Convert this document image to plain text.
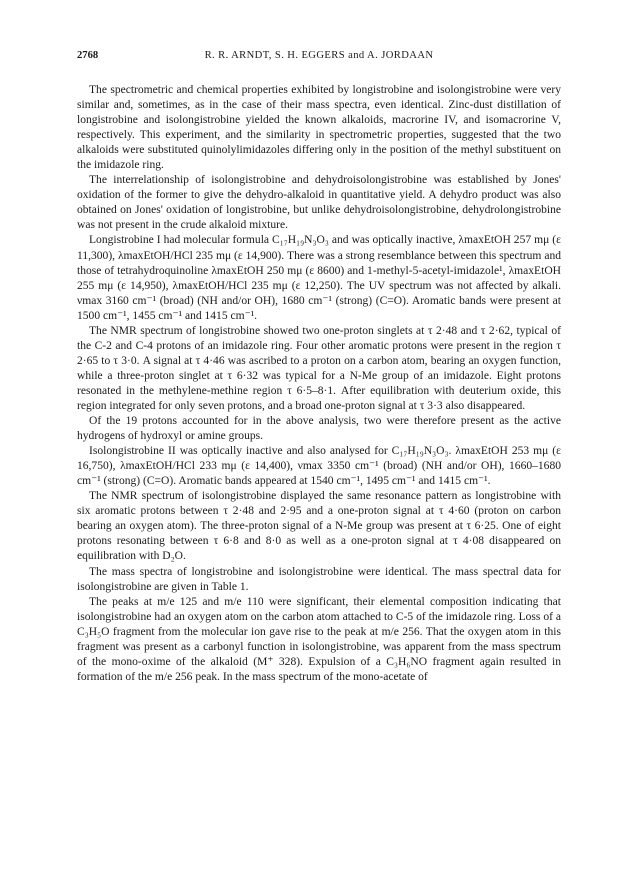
2768	R. R. ARNDT, S. H. EGGERS and A. JORDAAN

The spectrometric and chemical properties exhibited by longistrobine and isolongistrobine were very similar and, sometimes, as in the case of their mass spectra, even identical. Zinc-dust distillation of longistrobine and isolongistrobine yielded the known alkaloids, macrorine IV, and isomacrorine V, respectively. This experiment, and the similarity in spectrometric properties, suggested that the two alkaloids were substituted quinolylimidazoles differing only in the position of the methyl substituent on the imidazole ring.

The interrelationship of isolongistrobine and dehydroisolongistrobine was established by Jones' oxidation of the former to give the dehydro-alkaloid in quantitative yield. A dehydro product was also obtained on Jones' oxidation of longistrobine, but unlike dehydroisolongistrobine, dehydrolongistrobine was not present in the crude alkaloid mixture.

Longistrobine I had molecular formula C₁₇H₁₉N₃O₃ and was optically inactive, λmaxEtOH 257 mμ (ε 11,300), λmaxEtOH/HCl 235 mμ (ε 14,900). There was a strong resemblance between this spectrum and those of tetrahydroquinoline λmaxEtOH 250 mμ (ε 8600) and 1-methyl-5-acetyl-imidazole¹, λmaxEtOH 255 mμ (ε 14,950), λmaxEtOH/HCl 235 mμ (ε 12,250). The UV spectrum was not affected by alkali. νmax 3160 cm⁻¹ (broad) (NH and/or OH), 1680 cm⁻¹ (strong) (C=O). Aromatic bands were present at 1500 cm⁻¹, 1455 cm⁻¹ and 1415 cm⁻¹.

The NMR spectrum of longistrobine showed two one-proton singlets at τ 2·48 and τ 2·62, typical of the C-2 and C-4 protons of an imidazole ring. Four other aromatic protons were present in the region τ 2·65 to τ 3·0. A signal at τ 4·46 was ascribed to a proton on a carbon atom, bearing an oxygen function, while a three-proton singlet at τ 6·32 was typical for a N-Me group of an imidazole. Eight protons resonated in the methylene-methine region τ 6·5–8·1. After equilibration with deuterium oxide, this region integrated for only seven protons, and a broad one-proton signal at τ 3·3 also disappeared.

Of the 19 protons accounted for in the above analysis, two were therefore present as the active hydrogens of hydroxyl or amine groups.

Isolongistrobine II was optically inactive and also analysed for C₁₇H₁₉N₃O₃. λmaxEtOH 253 mμ (ε 16,750), λmaxEtOH/HCl 233 mμ (ε 14,400), νmax 3350 cm⁻¹ (broad) (NH and/or OH), 1660–1680 cm⁻¹ (strong) (C=O). Aromatic bands appeared at 1540 cm⁻¹, 1495 cm⁻¹ and 1415 cm⁻¹.

The NMR spectrum of isolongistrobine displayed the same resonance pattern as longistrobine with six aromatic protons between τ 2·48 and 2·95 and a one-proton signal at τ 4·60 (proton on carbon bearing an oxygen atom). The three-proton signal of a N-Me group was present at τ 6·25. One of eight protons resonating between τ 6·8 and 8·0 as well as a one-proton signal at τ 4·08 disappeared on equilibration with D₂O.

The mass spectra of longistrobine and isolongistrobine were identical. The mass spectral data for isolongistrobine are given in Table 1.

The peaks at m/e 125 and m/e 110 were significant, their elemental composition indicating that isolongistrobine had an oxygen atom on the carbon atom attached to C-5 of the imidazole ring. Loss of a C₃H₅O fragment from the molecular ion gave rise to the peak at m/e 256. That the oxygen atom in this fragment was present as a carbonyl function in isolongistrobine, was apparent from the mass spectrum of the mono-oxime of the alkaloid (M⁺ 328). Expulsion of a C₃H₆NO fragment again resulted in formation of the m/e 256 peak. In the mass spectrum of the mono-acetate of
